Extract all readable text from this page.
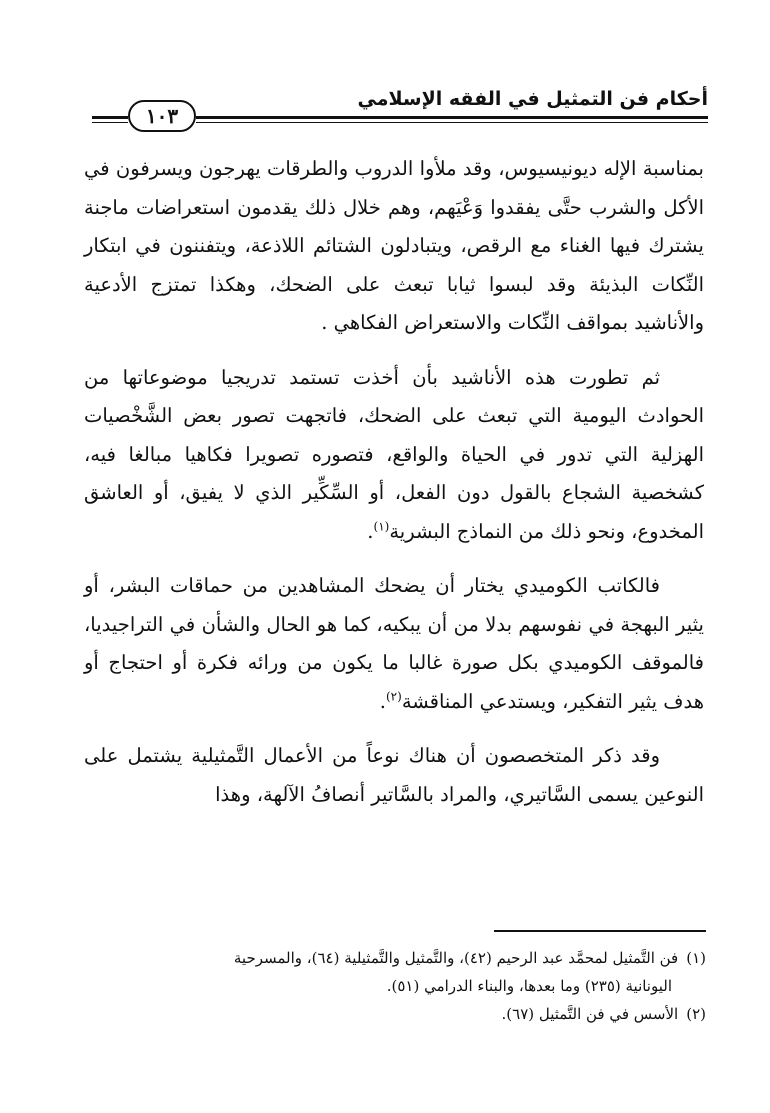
أحكام فن التمثيل في الفقه الإسلامي
١٠٣

بمناسبة الإله ديونيسيوس، وقد ملأوا الدروب والطرقات يهرجون ويسرفون في الأكل والشرب حتَّى يفقدوا وَعْيَهم، وهم خلال ذلك يقدمون استعراضات ماجنة يشترك فيها الغناء مع الرقص، ويتبادلون الشتائم اللاذعة، ويتفننون في ابتكار النِّكات البذيئة وقد لبسوا ثيابا تبعث على الضحك، وهكذا تمتزج الأدعية والأناشيد بمواقف النِّكات والاستعراض الفكاهي .

ثم تطورت هذه الأناشيد بأن أخذت تستمد تدريجيا موضوعاتها من الحوادث اليومية التي تبعث على الضحك، فاتجهت تصور بعض الشَّخْصيات الهزلية التي تدور في الحياة والواقع، فتصوره تصويرا فكاهيا مبالغا فيه، كشخصية الشجاع بالقول دون الفعل، أو السِّكِّير الذي لا يفيق، أو العاشق المخدوع، ونحو ذلك من النماذج البشرية$^{(١)}$.

فالكاتب الكوميدي يختار أن يضحك المشاهدين من حماقات البشر، أو يثير البهجة في نفوسهم بدلا من أن يبكيه، كما هو الحال والشأن في التراجيديا، فالموقف الكوميدي بكل صورة غالبا ما يكون من ورائه فكرة أو احتجاج أو هدف يثير التفكير، ويستدعي المناقشة$^{(٢)}$.

وقد ذكر المتخصصون أن هناك نوعاً من الأعمال التَّمثيلية يشتمل على النوعين يسمى السَّاتيري، والمراد بالسَّاتير أنصافُ الآلهة، وهذا

(١)فن التَّمثيل لمحمَّد عبد الرحيم (٤٢)، والتَّمثيل والتَّمثيلية (٦٤)، والمسرحية

اليونانية (٢٣٥) وما بعدها، والبناء الدرامي (٥١).

(٢)الأسس في فن التَّمثيل (٦٧).
